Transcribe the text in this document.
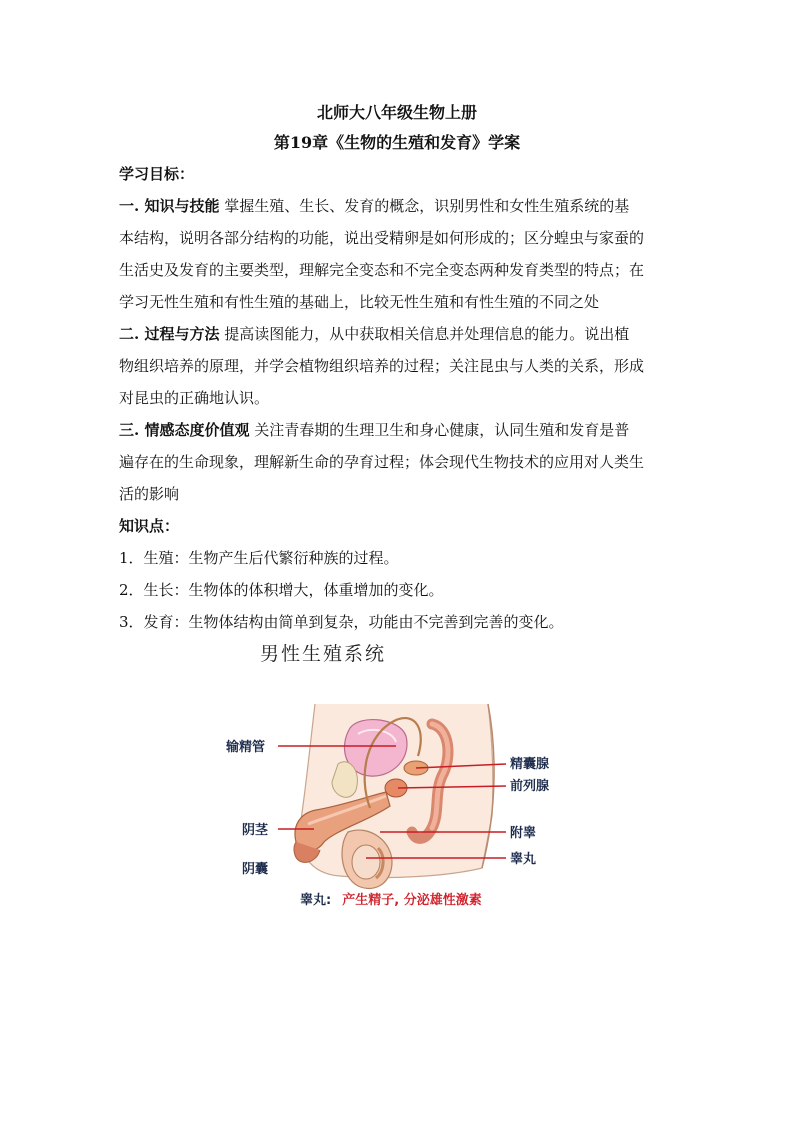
北师大八年级生物上册
第19章《生物的生殖和发育》学案
学习目标：
一. 知识与技能 掌握生殖、生长、发育的概念，识别男性和女性生殖系统的基
本结构，说明各部分结构的功能，说出受精卵是如何形成的；区分蝗虫与家蚕的
生活史及发育的主要类型，理解完全变态和不完全变态两种发育类型的特点；在
学习无性生殖和有性生殖的基础上，比较无性生殖和有性生殖的不同之处
二. 过程与方法 提高读图能力，从中获取相关信息并处理信息的能力。说出植
物组织培养的原理，并学会植物组织培养的过程；关注昆虫与人类的关系，形成
对昆虫的正确地认识。
三. 情感态度价值观 关注青春期的生理卫生和身心健康，认同生殖和发育是普
遍存在的生命现象，理解新生命的孕育过程；体会现代生物技术的应用对人类生
活的影响
知识点：
1．生殖：生物产生后代繁衍种族的过程。
2．生长：生物体的体积增大，体重增加的变化。
3．发育：生物体结构由简单到复杂，功能由不完善到完善的变化。
男性生殖系统
输精管
精囊腺
前列腺
阴茎	附睾
睾丸
阴囊
睾丸: 产生精子, 分泌雄性激素
